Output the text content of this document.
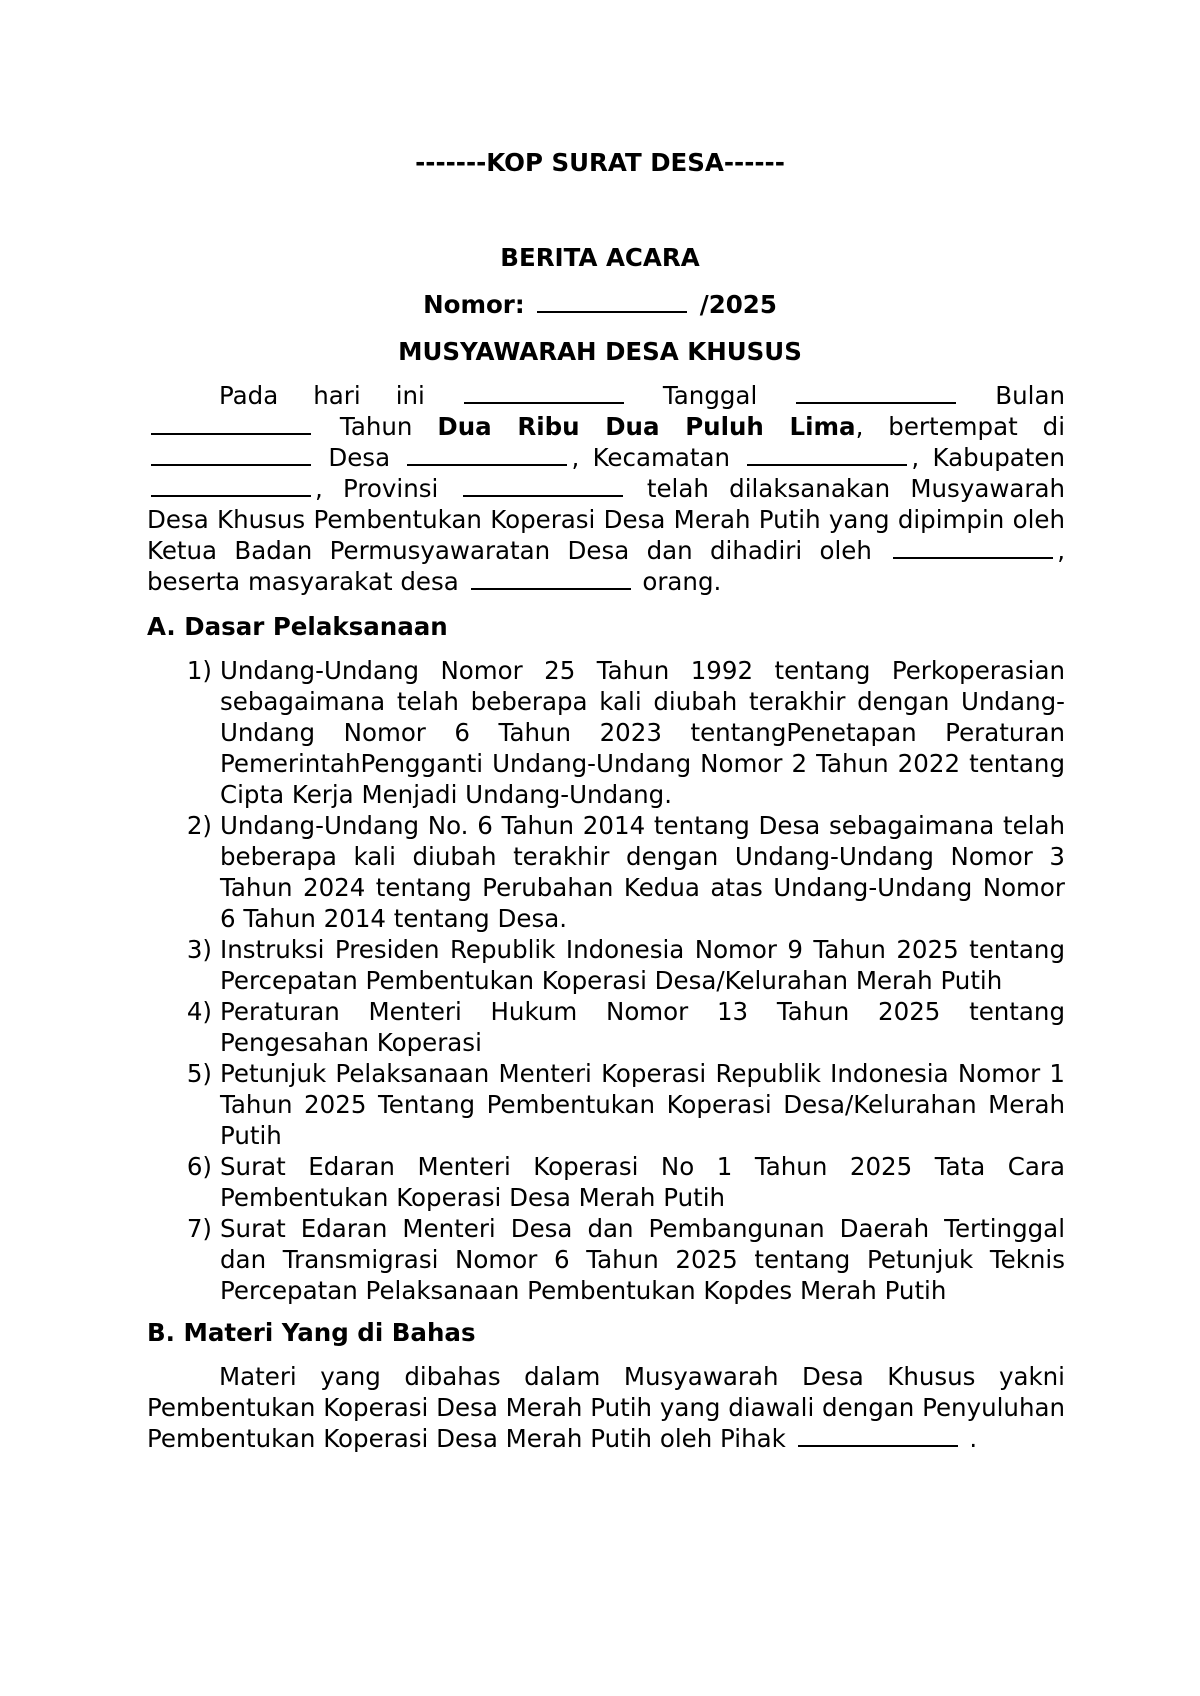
-------KOP SURAT DESA------
BERITA ACARA
Nomor:	/2025
MUSYAWARAH DESA KHUSUS
Pada hari ini	Tanggal	Bulan  Tahun Dua Ribu Dua Puluh Lima, bertempat di  Desa	, Kecamatan	, Kabupaten , Provinsi	telah dilaksanakan Musyawarah Desa Khusus Pembentukan Koperasi Desa Merah Putih yang dipimpin oleh Ketua Badan Permusyawaratan Desa dan dihadiri oleh	, beserta masyarakat desa	orang.
A. Dasar Pelaksanaan
1) Undang-Undang Nomor 25 Tahun 1992 tentang Perkoperasian sebagaimana telah beberapa kali diubah terakhir dengan Undang-Undang Nomor 6 Tahun 2023 tentangPenetapan Peraturan PemerintahPengganti Undang-Undang Nomor 2 Tahun 2022 tentang Cipta Kerja Menjadi Undang-Undang.
2) Undang-Undang No. 6 Tahun 2014 tentang Desa sebagaimana telah beberapa kali diubah terakhir dengan Undang-Undang Nomor 3 Tahun 2024 tentang Perubahan Kedua atas Undang-Undang Nomor 6 Tahun 2014 tentang Desa.
3) Instruksi Presiden Republik Indonesia Nomor 9 Tahun 2025 tentang Percepatan Pembentukan Koperasi Desa/Kelurahan Merah Putih
4) Peraturan Menteri Hukum Nomor 13 Tahun 2025 tentang Pengesahan Koperasi
5) Petunjuk Pelaksanaan Menteri Koperasi Republik Indonesia Nomor 1 Tahun 2025 Tentang Pembentukan Koperasi Desa/Kelurahan Merah Putih
6) Surat Edaran Menteri Koperasi No 1 Tahun 2025 Tata Cara Pembentukan Koperasi Desa Merah Putih
7) Surat Edaran Menteri Desa dan Pembangunan Daerah Tertinggal dan Transmigrasi Nomor 6 Tahun 2025 tentang Petunjuk Teknis Percepatan Pelaksanaan Pembentukan Kopdes Merah Putih
B. Materi Yang di Bahas
Materi yang dibahas dalam Musyawarah Desa Khusus yakni Pembentukan Koperasi Desa Merah Putih yang diawali dengan Penyuluhan Pembentukan Koperasi Desa Merah Putih oleh Pihak	.
